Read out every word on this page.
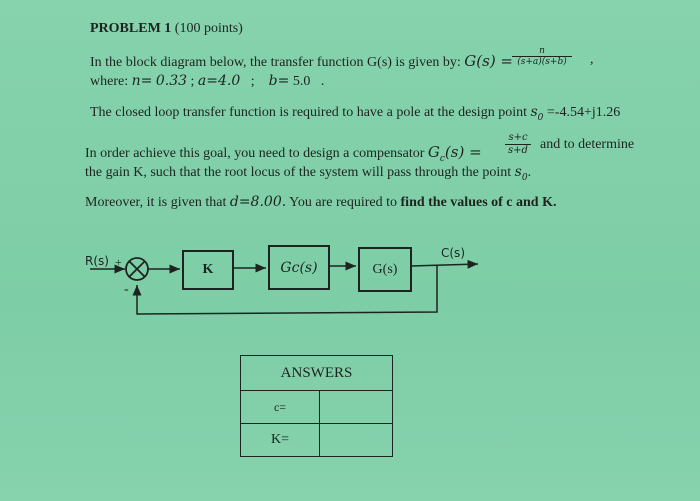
PROBLEM 1 (100 points)
In the block diagram below, the transfer function G(s) is given by: G(s) =
n
(s+a)(s+b) ,
where: n= 0.33 ; a=4.0 ; b= 5.0 .
The closed loop transfer function is required to have a pole at the design point $s_0 =-4.54+j1.26$
In order achieve this goal, you need to design a compensator $G_c(s)$ =
s+c
s+d and to determine
the gain K, such that the root locus of the system will pass through the point $s_0$.
Moreover, it is given that d=8.00. You are required to find the values of c and K.
R(s) +
-
K	Gc(s)	G(s)
C(s)
ANSWERS	
c=	
K=	
